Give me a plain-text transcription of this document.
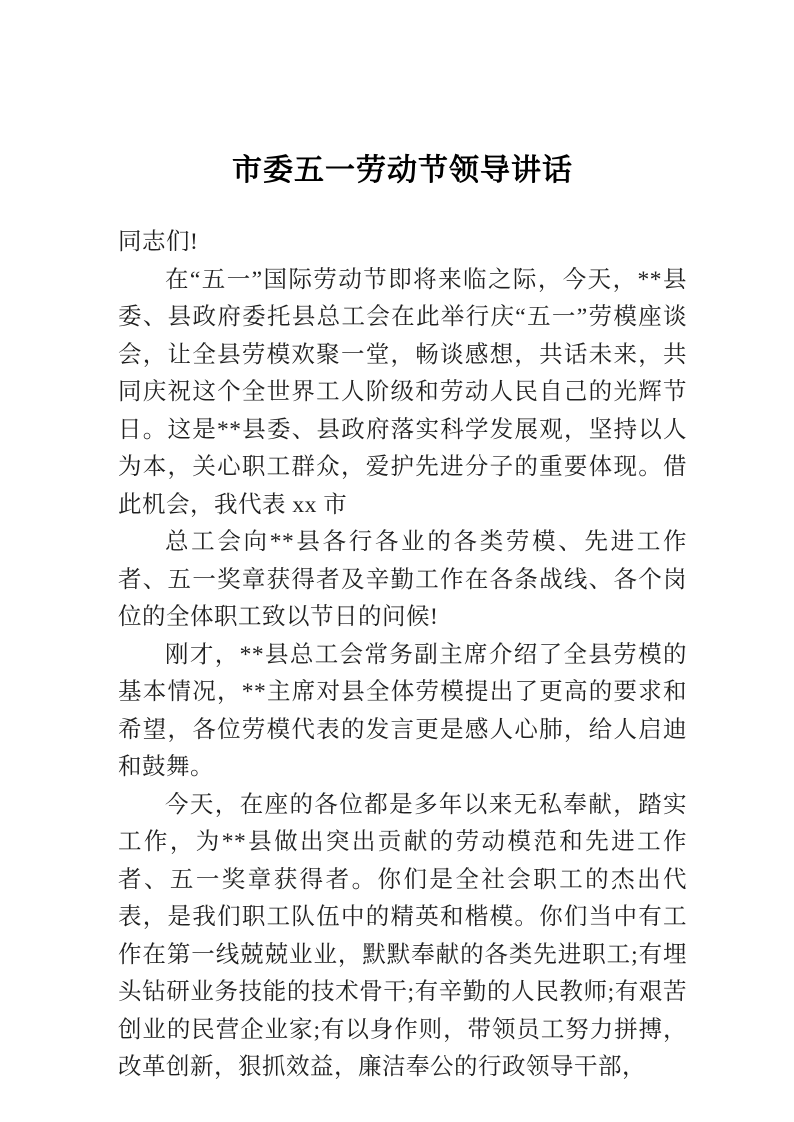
市委五一劳动节领导讲话

同志们!

在“五一”国际劳动节即将来临之际，今天，**县委、县政府委托县总工会在此举行庆“五一”劳模座谈会，让全县劳模欢聚一堂，畅谈感想，共话未来，共同庆祝这个全世界工人阶级和劳动人民自己的光辉节日。这是**县委、县政府落实科学发展观，坚持以人为本，关心职工群众，爱护先进分子的重要体现。借此机会，我代表 xx 市

总工会向**县各行各业的各类劳模、先进工作者、五一奖章获得者及辛勤工作在各条战线、各个岗位的全体职工致以节日的问候!

刚才，**县总工会常务副主席介绍了全县劳模的基本情况，**主席对县全体劳模提出了更高的要求和希望，各位劳模代表的发言更是感人心肺，给人启迪和鼓舞。

今天，在座的各位都是多年以来无私奉献，踏实工作，为**县做出突出贡献的劳动模范和先进工作者、五一奖章获得者。你们是全社会职工的杰出代表，是我们职工队伍中的精英和楷模。你们当中有工作在第一线兢兢业业，默默奉献的各类先进职工;有埋头钻研业务技能的技术骨干;有辛勤的人民教师;有艰苦创业的民营企业家;有以身作则，带领员工努力拼搏，改革创新，狠抓效益，廉洁奉公的行政领导干部，
